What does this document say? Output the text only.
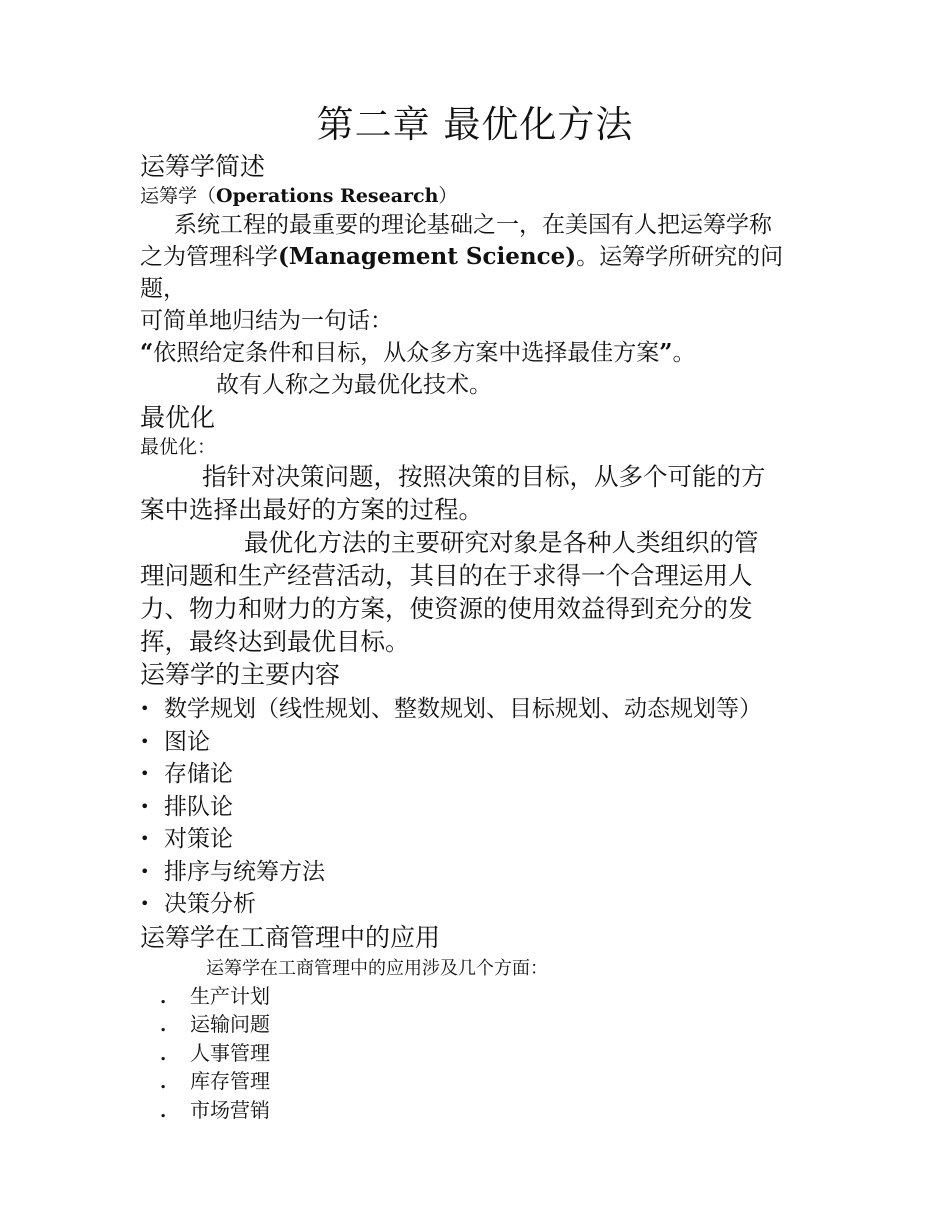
第二章 最优化方法

运筹学简述

运筹学（Operations Research）

系统工程的最重要的理论基础之一，在美国有人把运筹学称

之为管理科学(Management Science)。运筹学所研究的问题，

可简单地归结为一句话：

“依照给定条件和目标，从众多方案中选择最佳方案”。

故有人称之为最优化技术。

最优化

最优化：

指针对决策问题，按照决策的目标，从多个可能的方

案中选择出最好的方案的过程。

最优化方法的主要研究对象是各种人类组织的管

理问题和生产经营活动，其目的在于求得一个合理运用人

力、物力和财力的方案，使资源的使用效益得到充分的发

挥，最终达到最优目标。

运筹学的主要内容

• 数学规划（线性规划、整数规划、目标规划、动态规划等）
• 图论
• 存储论
• 排队论
• 对策论
• 排序与统筹方法
• 决策分析

运筹学在工商管理中的应用

运筹学在工商管理中的应用涉及几个方面：

. 生产计划
. 运输问题
. 人事管理
. 库存管理
. 市场营销
